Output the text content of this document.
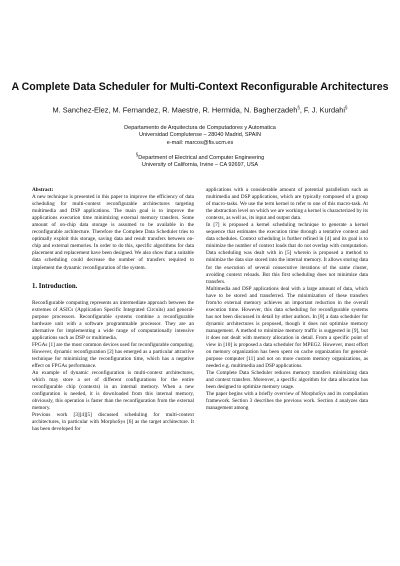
A Complete Data Scheduler for Multi-Context Reconfigurable Architectures
M. Sanchez-Elez, M. Fernandez, R. Maestre, R. Hermida, N. Bagherzadeh§, F. J. Kurdahi§
Departamento de Arquitectura de Computadores y Automatica
Universidad Complutense – 28040 Madrid, SPAIN
e-mail: marcos@fis.ucm.es
§Department of Electrical and Computer Engineering
University of California, Irvine – CA 92697, USA

Abstract:

A new technique is presented in this paper to improve the efficiency of data scheduling for multi-context reconfigurable architectures targeting multimedia and DSP applications. The main goal is to improve the applications execution time minimizing external memory transfers. Some amount of on-chip data storage is assumed to be available in the reconfigurable architecture. Therefore the Complete Data Scheduler tries to optimally exploit this storage, saving data and result transfers between on-chip and external memories. In order to do this, specific algorithms for data placement and replacement have been designed. We also show that a suitable data scheduling could decrease the number of transfers required to implement the dynamic reconfiguration of the system.

1. Introduction.

Reconfigurable computing represents an intermediate approach between the extremes of ASICs (Application Specific Integrated Circuits) and general-purpose processors. Reconfigurable systems combine a reconfigurable hardware unit with a software programmable processor. They are an alternative for implementing a wide range of computationally intensive applications such as DSP or multimedia.

FPGAs [1] are the most common devices used for reconfigurable computing. However, dynamic reconfiguration [2] has emerged as a particular attractive technique for minimizing the reconfiguration time, which has a negative effect on FPGAs performance.

An example of dynamic reconfiguration is multi-context architectures, which may store a set of different configurations for the entire reconfigurable chip (contexts) in an internal memory. When a new configuration is needed, it is downloaded from this internal memory, obviously, this operation is faster than the reconfiguration from the external memory.

Previous work [3][4][5] discussed scheduling for multi-context architectures, in particular with MorphoSys [6] as the target architecture. It has been developed for

applications with a considerable amount of potential parallelism such as multimedia and DSP applications, which are typically composed of a group of macro-tasks. We use the term kernel to refer to one of this macro-task. At the abstraction level on which we are working a kernel is characterized by its contexts, as well as, its input and output data.

In [7] is proposed a kernel scheduling technique to generate a kernel sequence that estimates the execution time through a tentative context and data schedules. Context scheduling is further refined in [4] and its goal is to minimize the number of context loads that do not overlap with computation. Data scheduling was dealt with in [5] wherein is proposed a method to minimize the data size stored into the internal memory. It allows storing data for the execution of several consecutive iterations of the same cluster, avoiding context reloads. But this first scheduling does not minimize data transfers.

Multimedia and DSP applications deal with a large amount of data, which have to be stored and transferred. The minimization of these transfers from/to external memory achieves an important reduction in the overall execution time. However, this data scheduling for reconfigurable systems has not been discussed in detail by other authors. In [8] a data scheduler for dynamic architectures is proposed, though it does not optimize memory management. A method to minimize memory traffic is suggested in [9], but it does not dealt with memory allocation in detail. From a specific point of view in [10] is proposed a data scheduler for MPEG2. However, most effort on memory organization has been spent on cache organization for general-purpose computer [11] and not on more custom memory organizations, as needed e.g. multimedia and DSP applications.

The Complete Data Scheduler reduces memory transfers minimizing data and context transfers. Moreover, a specific algorithm for data allocation has been designed to optimize memory usage.

The paper begins with a briefly overview of MorphoSys and its compilation framework. Section 3 describes the previous work. Section 4 analyzes data management among
